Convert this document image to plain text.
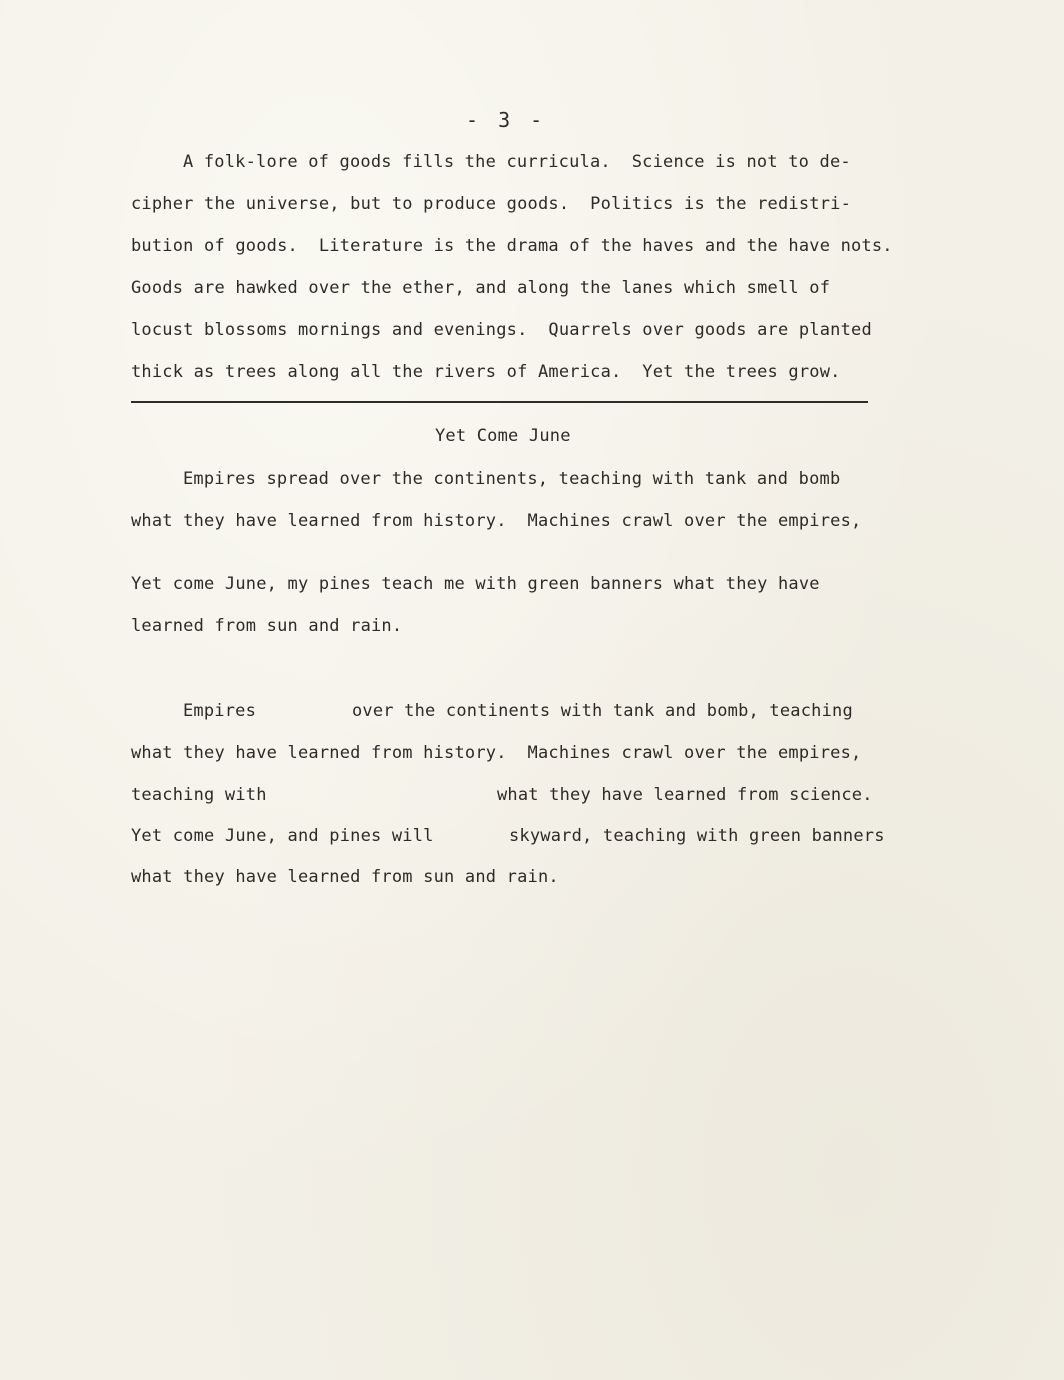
- 3 -
A folk-lore of goods fills the curricula.  Science is not to de-
cipher the universe, but to produce goods.  Politics is the redistri-
bution of goods.  Literature is the drama of the haves and the have nots.
Goods are hawked over the ether, and along the lanes which smell of
locust blossoms mornings and evenings.  Quarrels over goods are planted
thick as trees along all the rivers of America.  Yet the trees grow.
Yet Come June
Empires spread over the continents, teaching with tank and bomb
what they have learned from history.  Machines crawl over the empires,
Yet come June, my pines teach me with green banners what they have
learned from sun and rain.
Empires	over the continents with tank and bomb, teaching
what they have learned from history.  Machines crawl over the empires,
teaching with	what they have learned from science.
Yet come June, and pines will	skyward, teaching with green banners
what they have learned from sun and rain.
